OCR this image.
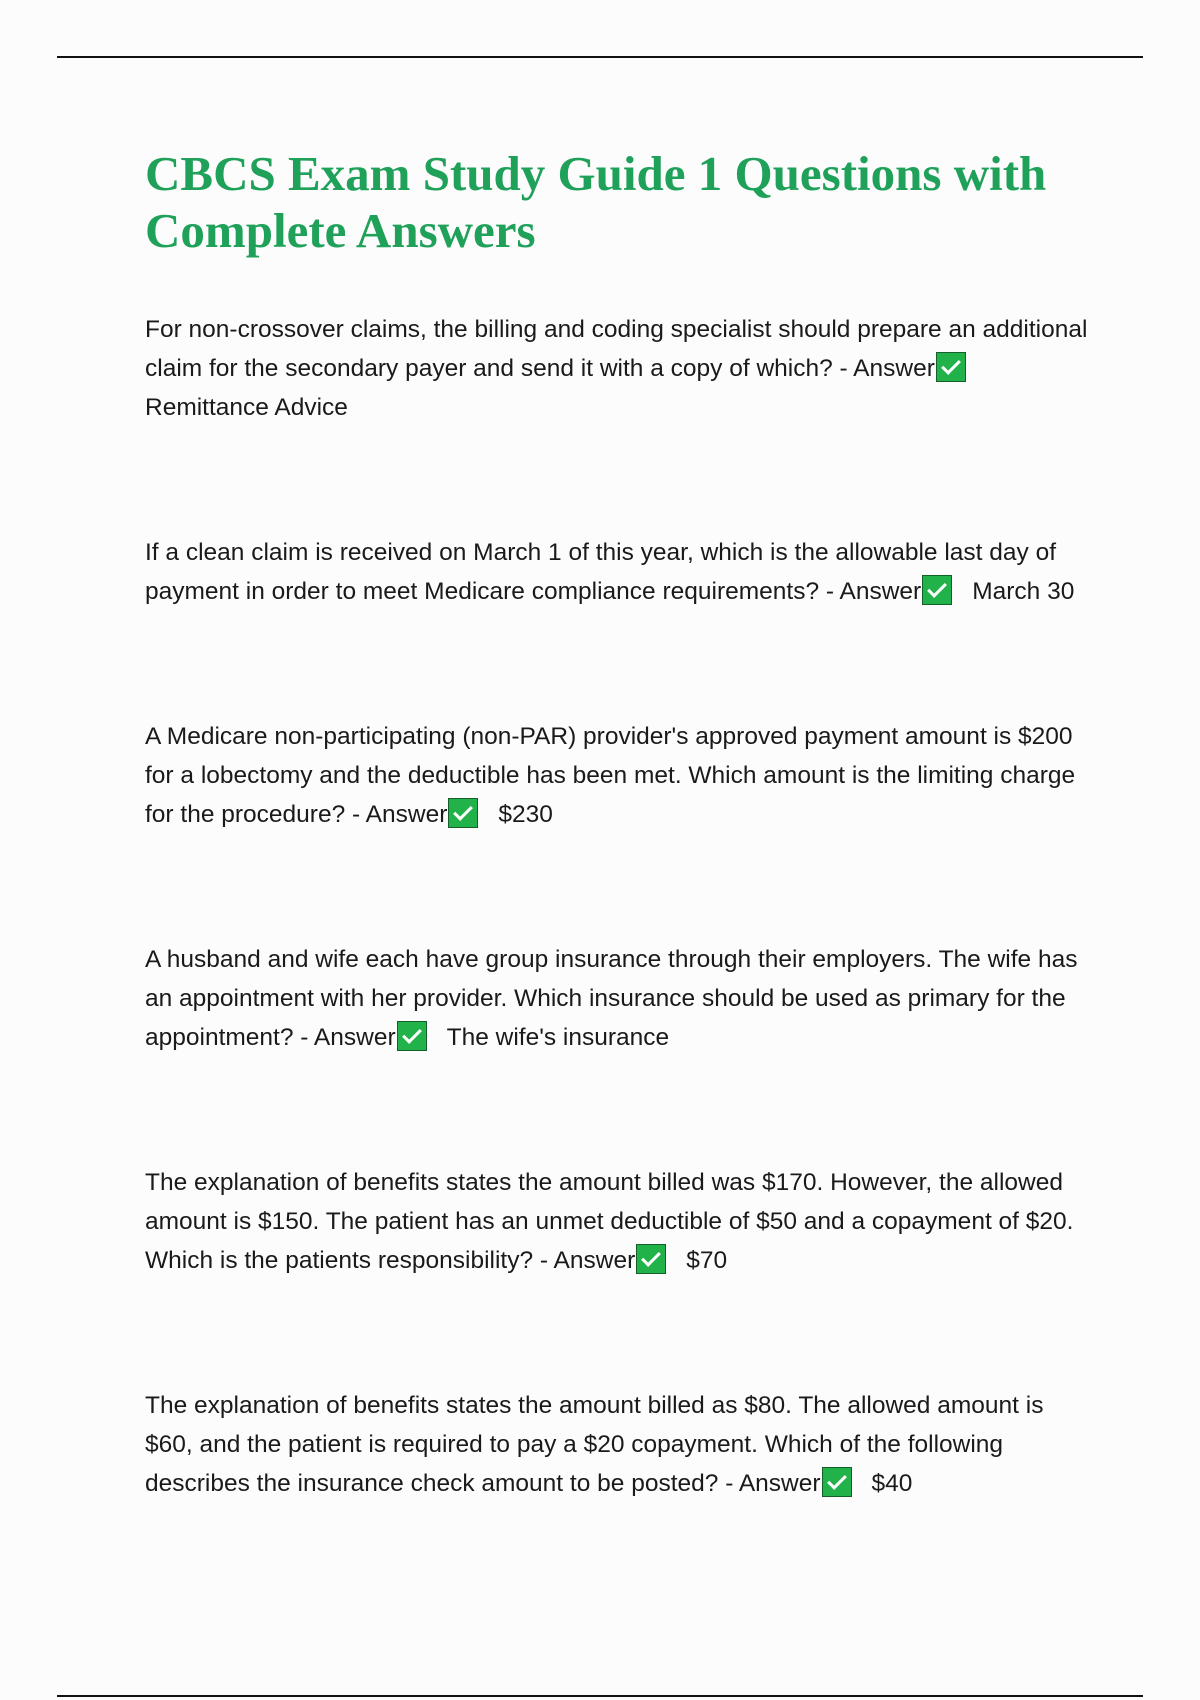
CBCS Exam Study Guide 1 Questions with Complete Answers

For non-crossover claims, the billing and coding specialist should prepare an additional claim for the secondary payer and send it with a copy of which? - AnswerRemittance Advice

If a clean claim is received on March 1 of this year, which is the allowable last day of payment in order to meet Medicare compliance requirements? - Answer March 30

A Medicare non-participating (non-PAR) provider's approved payment amount is $200 for a lobectomy and the deductible has been met. Which amount is the limiting charge for the procedure? - Answer $230

A husband and wife each have group insurance through their employers. The wife has an appointment with her provider. Which insurance should be used as primary for the appointment? - Answer The wife's insurance

The explanation of benefits states the amount billed was $170. However, the allowed amount is $150. The patient has an unmet deductible of $50 and a copayment of $20. Which is the patients responsibility? - Answer $70

The explanation of benefits states the amount billed as $80. The allowed amount is $60, and the patient is required to pay a $20 copayment. Which of the following describes the insurance check amount to be posted? - Answer $40
